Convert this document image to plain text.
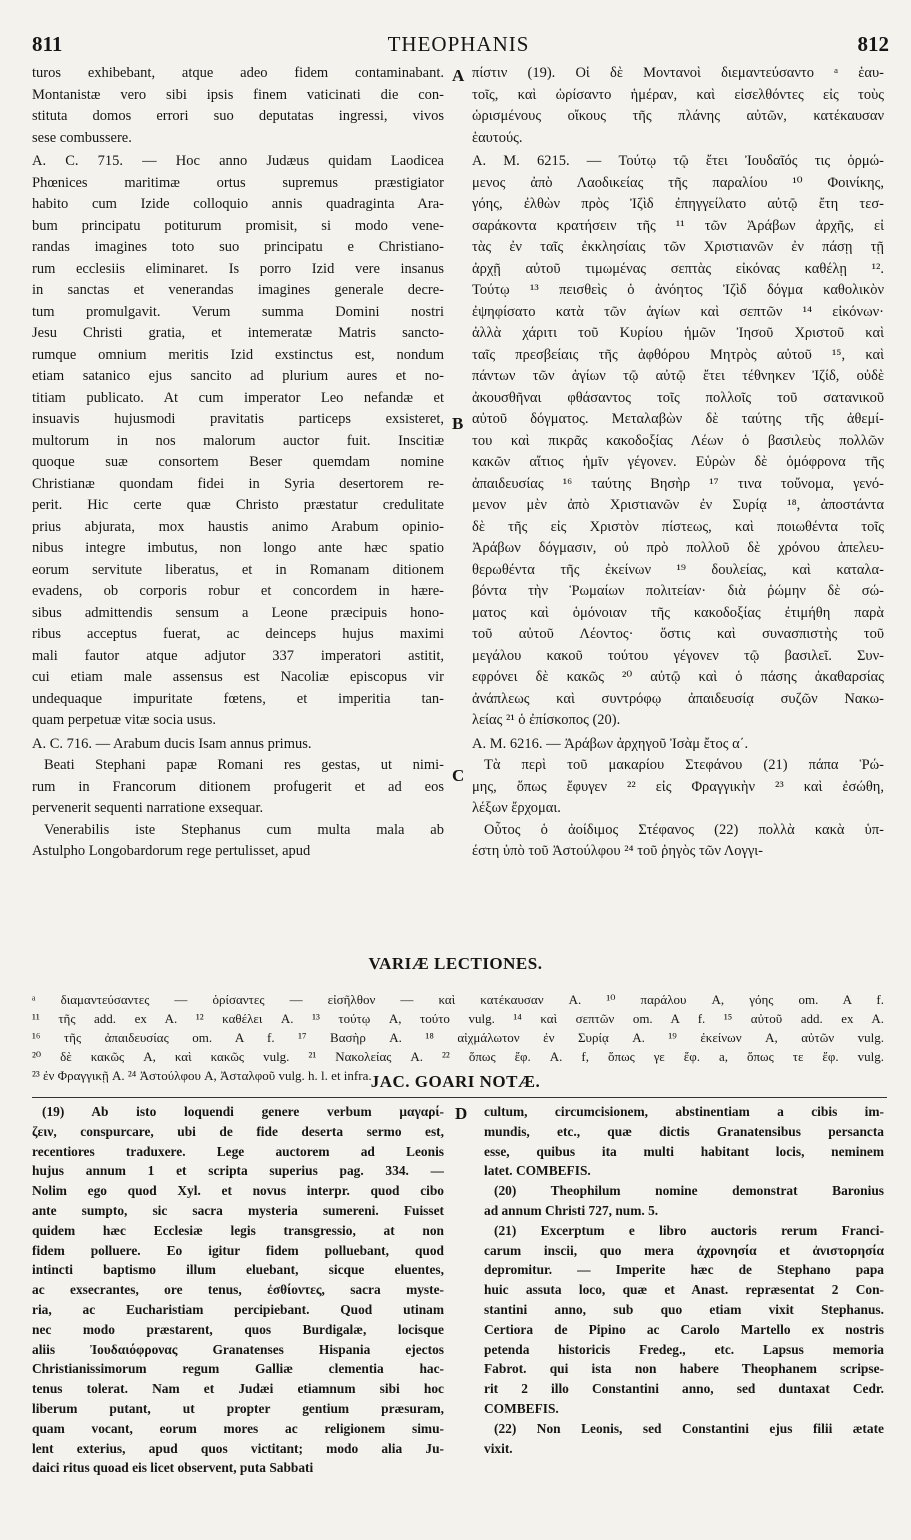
811	THEOPHANIS	812
turos exhibebant, atque adeo fidem contaminabant.
Montanistæ vero sibi ipsis finem vaticinati die con-
stituta domos errori suo deputatas ingressi, vivos
sese combussere.
A. C. 715. — Hoc anno Judæus quidam Laodicea
Phœnices maritimæ ortus supremus præstigiator
habito cum Izide colloquio annis quadraginta Ara-
bum principatu potiturum promisit, si modo vene-
randas imagines toto suo principatu e Christiano-
rum ecclesiis eliminaret. Is porro Izid vere insanus
in sanctas et venerandas imagines generale decre-
tum promulgavit. Verum summa Domini nostri
Jesu Christi gratia, et intemeratæ Matris sancto-
rumque omnium meritis Izid exstinctus est, nondum
etiam satanico ejus sancito ad plurium aures et no-
titiam publicato. At cum imperator Leo nefandæ et
insuavis hujusmodi pravitatis particeps exsisteret,
multorum in nos malorum auctor fuit. Inscitiæ
quoque suæ consortem Beser quemdam nomine
Christianæ quondam fidei in Syria desertorem re-
perit. Hic certe quæ Christo præstatur credulitate
prius abjurata, mox haustis animo Arabum opinio-
nibus integre imbutus, non longo ante hæc spatio
eorum servitute liberatus, et in Romanam ditionem
evadens, ob corporis robur et concordem in hære-
sibus admittendis sensum a Leone præcipuis hono-
ribus acceptus fuerat, ac deinceps hujus maximi
mali fautor atque adjutor 337 imperatori astitit,
cui etiam male assensus est Nacoliæ episcopus vir
undequaque impuritate fœtens, et imperitia tan-
quam perpetuæ vitæ socia usus.
A. C. 716. — Arabum ducis Isam annus primus.
Beati Stephani papæ Romani res gestas, ut nimi-
rum in Francorum ditionem profugerit et ad eos
pervenerit sequenti narratione exsequar.
Venerabilis iste Stephanus cum multa mala ab
Astulpho Longobardorum rege pertulisset, apud
πίστιν (19). Οἱ δὲ Μοντανοὶ διεμαντεύσαντο ᵃ ἑαυ-
τοῖς, καὶ ὡρίσαντο ἡμέραν, καὶ εἰσελθόντες εἰς τοὺς
ὡρισμένους οἴκους τῆς πλάνης αὐτῶν, κατέκαυσαν
ἑαυτούς.
A. M. 6215. — Τούτῳ τῷ ἔτει Ἰουδαῖός τις ὁρμώ-
μενος ἀπὸ Λαοδικείας τῆς παραλίου ¹⁰ Φοινίκης,
γόης, ἐλθὼν πρὸς Ἰζὶδ ἐπηγγείλατο αὐτῷ ἔτη τεσ-
σαράκοντα κρατήσειν τῆς ¹¹ τῶν Ἀράβων ἀρχῆς, εἰ
τὰς ἐν ταῖς ἐκκλησίαις τῶν Χριστιανῶν ἐν πάσῃ τῇ
ἀρχῇ αὐτοῦ τιμωμένας σεπτὰς εἰκόνας καθέλῃ ¹².
Τούτῳ ¹³ πεισθεὶς ὁ ἀνόητος Ἰζὶδ δόγμα καθολικὸν
ἐψηφίσατο κατὰ τῶν ἁγίων καὶ σεπτῶν ¹⁴ εἰκόνων·
ἀλλὰ χάριτι τοῦ Κυρίου ἡμῶν Ἰησοῦ Χριστοῦ καὶ
ταῖς πρεσβείαις τῆς ἀφθόρου Μητρὸς αὐτοῦ ¹⁵, καὶ
πάντων τῶν ἁγίων τῷ αὐτῷ ἔτει τέθνηκεν Ἰζίδ, οὐδὲ
ἀκουσθῆναι φθάσαντος τοῖς πολλοῖς τοῦ σατανικοῦ
αὐτοῦ δόγματος. Μεταλαβὼν δὲ ταύτης τῆς ἀθεμί-
του καὶ πικρᾶς κακοδοξίας Λέων ὁ βασιλεὺς πολλῶν
κακῶν αἴτιος ἡμῖν γέγονεν. Εὑρὼν δὲ ὁμόφρονα τῆς
ἀπαιδευσίας ¹⁶ ταύτης Βησὴρ ¹⁷ τινα τοὔνομα, γενό-
μενον μὲν ἀπὸ Χριστιανῶν ἐν Συρίᾳ ¹⁸, ἀποστάντα
δὲ τῆς εἰς Χριστὸν πίστεως, καὶ ποιωθέντα τοῖς
Ἀράβων δόγμασιν, οὐ πρὸ πολλοῦ δὲ χρόνου ἀπελευ-
θερωθέντα τῆς ἐκείνων ¹⁹ δουλείας, καὶ καταλα-
βόντα τὴν Ῥωμαίων πολιτείαν· διὰ ῥώμην δὲ σώ-
ματος καὶ ὁμόνοιαν τῆς κακοδοξίας ἐτιμήθη παρὰ
τοῦ αὐτοῦ Λέοντος· ὅστις καὶ συνασπιστὴς τοῦ
μεγάλου κακοῦ τούτου γέγονεν τῷ βασιλεῖ. Συν-
εφρόνει δὲ κακῶς ²⁰ αὐτῷ καὶ ὁ πάσης ἀκαθαρσίας
ἀνάπλεως καὶ συντρόφῳ ἀπαιδευσίᾳ συζῶν Νακω-
λείας ²¹ ὁ ἐπίσκοπος (20).
A. M. 6216. — Ἀράβων ἀρχηγοῦ Ἰσὰμ ἔτος α΄.
Τὰ περὶ τοῦ μακαρίου Στεφάνου (21) πάπα Ῥώ-
μης, ὅπως ἔφυγεν ²² εἰς Φραγγικὴν ²³ καὶ ἐσώθη,
λέξων ἔρχομαι.
Οὗτος ὁ ἀοίδιμος Στέφανος (22) πολλὰ κακὰ ὑπ-
έστη ὑπὸ τοῦ Ἀστούλφου ²⁴ τοῦ ῥηγὸς τῶν Λογγι-
A
B
C
D
VARIÆ LECTIONES.
ᵃ διαμαντεύσαντες — ὁρίσαντες — εἰσῆλθον — καὶ κατέκαυσαν A. ¹⁰ παράλου A, γόης om. A f.
¹¹ τῆς add. ex A. ¹² καθέλει A. ¹³ τούτῳ A, τούτο vulg. ¹⁴ καὶ σεπτῶν om. A f. ¹⁵ αὐτοῦ add. ex A.
¹⁶ τῆς ἀπαιδευσίας om. A f. ¹⁷ Βασὴρ A. ¹⁸ αἰχμάλωτον ἐν Συρίᾳ A. ¹⁹ ἐκείνων A, αὐτῶν vulg.
²⁰ δὲ κακῶς A, καὶ κακῶς vulg. ²¹ Νακολείας A. ²² ὅπως ἔφ. A. f, ὅπως γε ἔφ. a, ὅπως τε ἔφ. vulg.
²³ ἐν Φραγγικῇ A. ²⁴ Ἀστούλφου A, Ἀσταλφοῦ vulg. h. l. et infra. JAC. GOARI NOTÆ.
(19) Ab isto loquendi genere verbum μαγαρί-
ζειν, conspurcare, ubi de fide deserta sermo est,
recentiores traduxere. Lege auctorem ad Leonis
hujus annum 1 et scripta superius pag. 334. —
Nolim ego quod Xyl. et novus interpr. quod cibo
ante sumpto, sic sacra mysteria sumereni. Fuisset
quidem hæc Ecclesiæ legis transgressio, at non
fidem polluere. Eo igitur fidem polluebant, quod
intincti baptismo illum eluebant, sicque eluentes,
ac exsecrantes, ore tenus, ἐσθίοντες, sacra myste-
ria, ac Eucharistiam percipiebant. Quod utinam
nec modo præstarent, quos Burdigalæ, locisque
aliis Ἰουδαιόφρονας Granatenses Hispania ejectos
Christianissimorum regum Galliæ clementia hac-
tenus tolerat. Nam et Judæi etiamnum sibi hoc
liberum putant, ut propter gentium præsuram,
quam vocant, eorum mores ac religionem simu-
lent exterius, apud quos victitant; modo alia Ju-
daici ritus quoad eis licet observent, puta Sabbati
cultum, circumcisionem, abstinentiam a cibis im-
mundis, etc., quæ dictis Granatensibus persancta
esse, quibus ita multi habitant locis, neminem
latet. COMBEFIS.
(20) Theophilum nomine demonstrat Baronius
ad annum Christi 727, num. 5.
(21) Excerptum e libro auctoris rerum Franci-
carum inscii, quo mera ἀχρονησία et ἀνιστορησία
depromitur. — Imperite hæc de Stephano papa
huic assuta loco, quæ et Anast. repræsentat 2 Con-
stantini anno, sub quo etiam vixit Stephanus.
Certiora de Pipino ac Carolo Martello ex nostris
petenda historicis Fredeg., etc. Lapsus memoria
Fabrot. qui ista non habere Theophanem scripse-
rit 2 illo Constantini anno, sed duntaxat Cedr.
COMBEFIS.
(22) Non Leonis, sed Constantini ejus filii ætate
vixit.
